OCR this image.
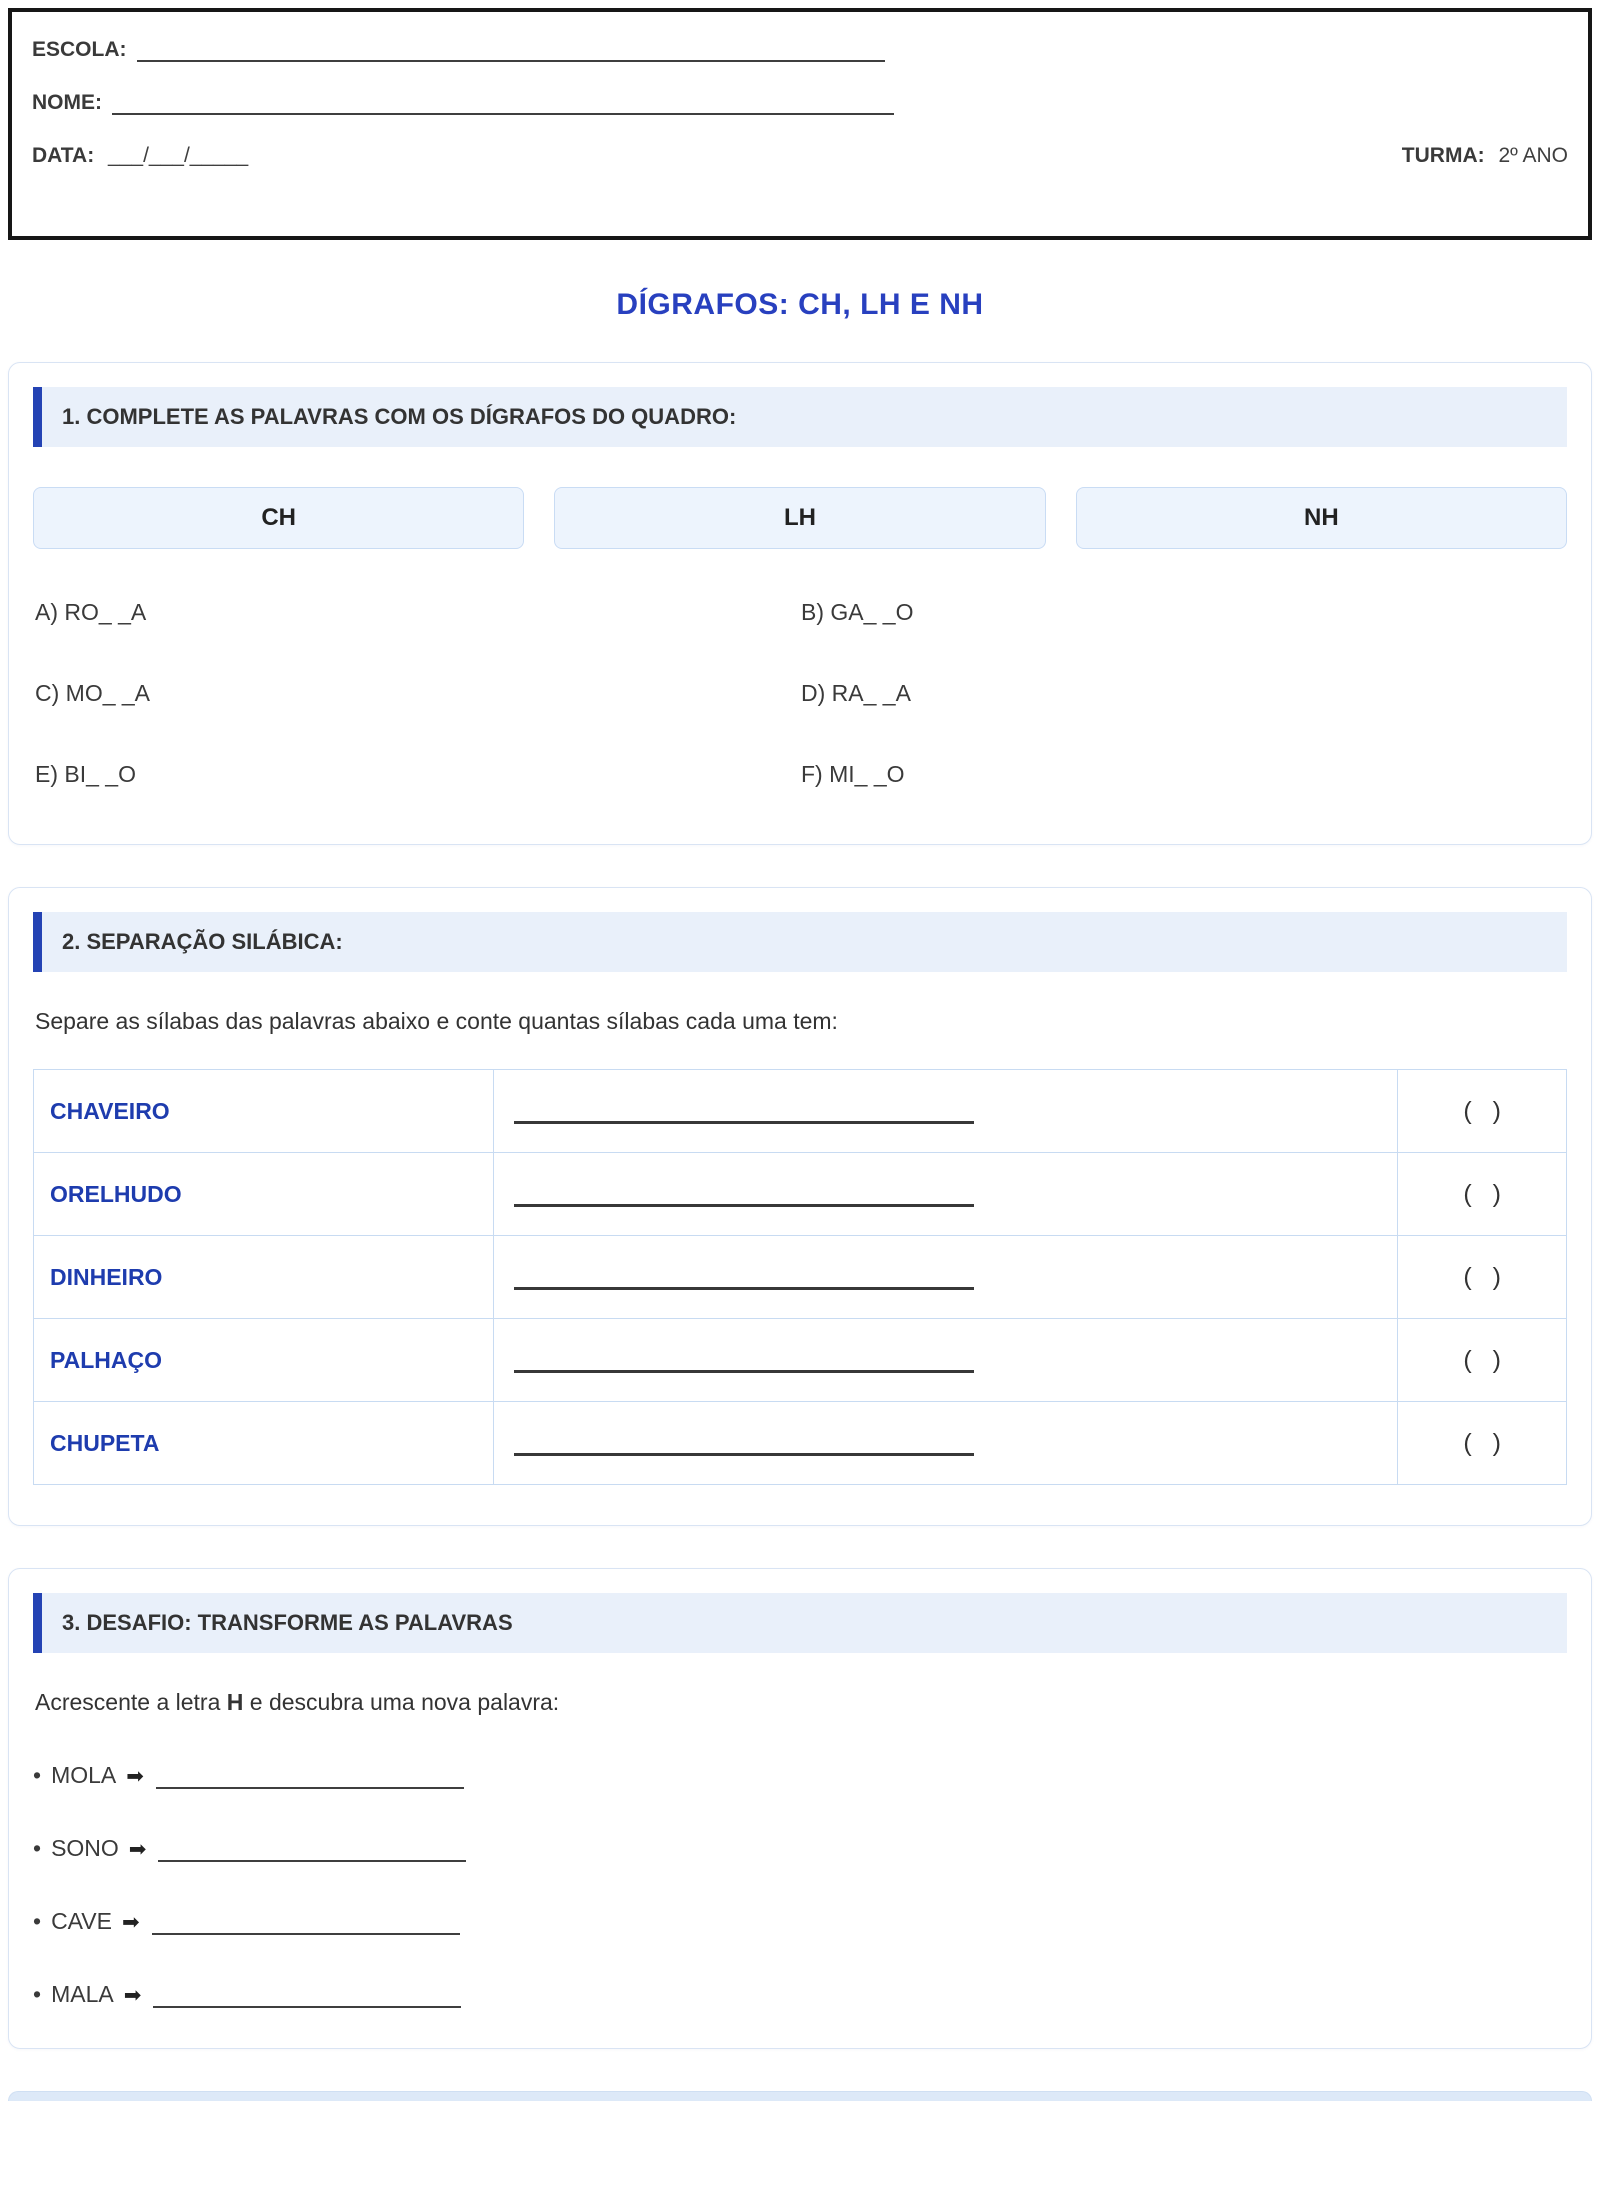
ESCOLA:
NOME:
DATA: ___/___/_____	TURMA: 2º ANO
DÍGRAFOS: CH, LH E NH
1. COMPLETE AS PALAVRAS COM OS DÍGRAFOS DO QUADRO:
CH	LH	NH
A) RO_ _A	B) GA_ _O
C) MO_ _A	D) RA_ _A
E) BI_ _O	F) MI_ _O
2. SEPARAÇÃO SILÁBICA:

Separe as sílabas das palavras abaixo e conte quantas sílabas cada uma tem:

CHAVEIRO		(   )
ORELHUDO		(   )
DINHEIRO		(   )
PALHAÇO		(   )
CHUPETA		(   )
3. DESAFIO: TRANSFORME AS PALAVRAS

Acrescente a letra H e descubra uma nova palavra:

• MOLA ➡
• SONO ➡
• CAVE ➡
• MALA ➡
